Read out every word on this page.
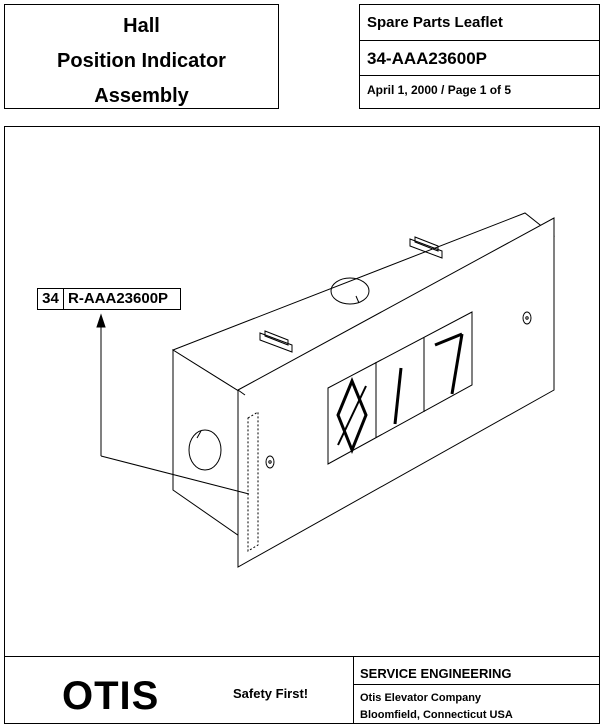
Hall
Position Indicator
Assembly
Spare Parts Leaflet
34-AAA23600P
April 1, 2000 / Page 1 of 5
34 R-AAA23600P
OTIS	Safety First!
SERVICE ENGINEERING
Otis Elevator Company
Bloomfield, Connecticut USA
